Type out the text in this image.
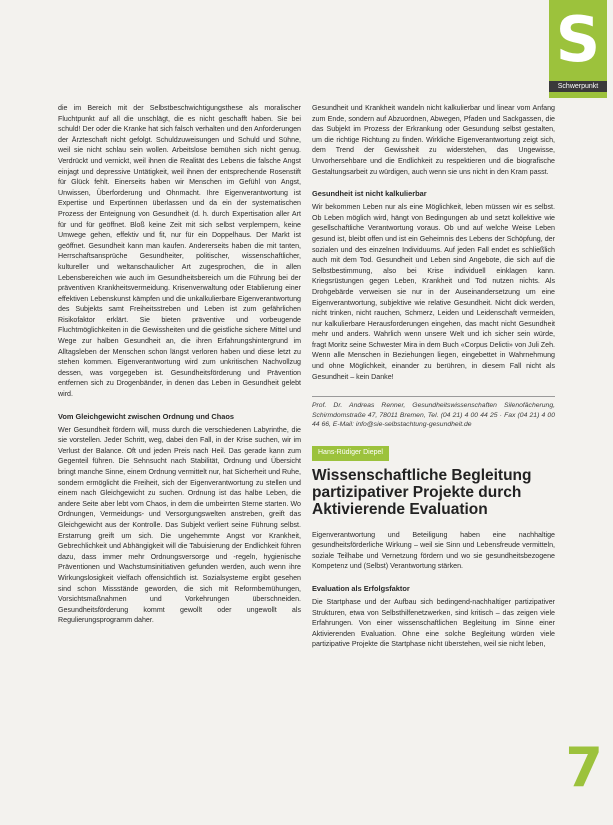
S
Schwerpunkt

die im Bereich mit der Selbstbeschwichtigungsthese als moralischer Fluchtpunkt auf all die unschlägt, die es nicht geschafft haben. Sie bei schuld! Der oder die Kranke hat sich falsch verhalten und den Anforderungen der Ärzteschaft nicht gefolgt. Schuldzuweisungen und Schuld und Sühne, weil sie nicht schlau sein wollen. Arbeitslose bemühen sich nicht genug. Verdrückt und vernickt, weil ihnen die Realität des Lebens die falsche Angst einjagt und depressive Untätigkeit, weil ihnen der entsprechende Rosenstift für Glück fehlt. Einerseits haben wir Menschen im Gefühl von Angst, Unwissen, Überforderung und Ohnmacht. Ihre Eigenverantwortung ist Expertise und Expertinnen überlassen und da ein der systematischen Prozess der Enteignung von Gesundheit (d. h. durch Expertisation aller Art für und für geöffnet. Bloß keine Zeit mit sich selbst verplempern, keine Umwege gehen, effektiv und fit, nur für ein Doppelhaus. Der Markt ist geöffnet. Gesundheit kann man kaufen. Andererseits haben die mit tanten, Herrschaftsansprüche Gesundheiter, politischer, wissenschaftlicher, kultureller und weltanschaulicher Art zugesprochen, die in allen Lebensbereichen wie auch im Gesundheitsbereich um die Führung bei der präventiven Krankheitsvermeidung. Krisenverwaltung oder Etablierung einer effektiven Lebenskunst kämpfen und die unkalkulierbare Eigenverantwortung des Subjekts samt Freiheitsstreben und Leben ist zum gefährlichen Risikofaktor erklärt. Sie bieten präventive und vorbeugende Fluchtmöglichkeiten in die Gewissheiten und die geistliche sichere Mittel und Wege zur halben Gesundheit an, die ihren Erfahrungshintergrund im Alltagsleben der Menschen schon längst verloren haben und diese letzt zu stehen kommen. Eigenverantwortung wird zum unkritischen Nachvollzug dessen, was vorgegeben ist. Gesundheitsförderung und Prävention entfernen sich zu Drogenbänder, in denen das Leben in Gesundheit gelebt wird.

Vom Gleichgewicht zwischen Ordnung und Chaos

Wer Gesundheit fördern will, muss durch die verschiedenen Labyrinthe, die sie vorstellen. Jeder Schritt, weg, dabei den Fall, in der Krise suchen, wir im Verlust der Balance. Oft und jeden Preis nach Heil. Das gerade kann zum Gegenteil führen. Die Sehnsucht nach Stabilität, Ordnung und Übersicht bringt manche Sinne, einem Ordnung vermittelt nur, hat Sicherheit und Ruhe, sondern ermöglicht die Freiheit, sich der Eigenverantwortung zu stellen und einem nach Gleichgewicht zu suchen. Ordnung ist das halbe Leben, die andere Seite aber lebt vom Chaos, in dem die umbeirrten Sterne starten. Wo Ordnungen, Vermeidungs- und Versorgungswelten anstreben, greift das Gleichgewicht aus der Kontrolle. Das Subjekt verliert seine Führung selbst. Erstarrung greift um sich. Die ungehemmte Angst vor Krankheit, Gebrechlichkeit und Abhängigkeit will die Tabuisierung der Endlichkeit führen dazu, dass immer mehr Ordnungsversorge und -regeln, hygienische Präventionen und Wachstumsinitiativen gefunden werden, auch wenn ihre Wirkungslosigkeit vielfach offensichtlich ist. Sozialsysteme ergibt gesehen sind schon Missstände geworden, die sich mit Reformbemühungen, Vorsichtsmaßnahmen und Vorkehrungen überschneiden. Gesundheitsförderung kommt gewollt oder ungewollt als Regulierungsprogramm daher.

Gesundheit und Krankheit wandeln nicht kalkulierbar und linear vom Anfang zum Ende, sondern auf Abzuordnen, Abwegen, Pfaden und Sackgassen, die das Subjekt im Prozess der Erkrankung oder Gesundung selbst gestalten, um die richtige Richtung zu finden. Wirkliche Eigenverantwortung zeigt sich, dem Trend der Gewissheit zu widerstehen, das Ungewisse, Unvorhersehbare und die Endlichkeit zu respektieren und die biografische Gestaltungsarbeit zu würdigen, auch wenn sie uns nicht in den Kram passt.

Gesundheit ist nicht kalkulierbar

Wir bekommen Leben nur als eine Möglichkeit, leben müssen wir es selbst. Ob Leben möglich wird, hängt von Bedingungen ab und setzt kollektive wie gesellschaftliche Verantwortung voraus. Ob und auf welche Weise Leben gesund ist, bleibt offen und ist ein Geheimnis des Lebens der Schöpfung, der sozialen und des einzelnen Individuums. Auf jeden Fall endet es schließlich auch mit dem Tod. Gesundheit und Leben sind Angebote, die sich auf die Selbstbestimmung, also bei Krise individuell einklagen kann. Kriegsrüstungen gegen Leben, Krankheit und Tod nutzen nichts. Als Drohgebärde verweisen sie nur in der Auseinandersetzung um eine Eigenverantwortung, subjektive wie relative Gesundheit. Nicht dick werden, nicht trinken, nicht rauchen, Schmerz, Leiden und Leidenschaft vermeiden, nur kalkulierbare Herausforderungen eingehen, das macht nicht Gesundheit mehr und anders. Wahrlich wenn unsere Welt und ich sicher sein würde, fragt Moritz seine Schwester Mira in dem Buch «Corpus Delicti» von Juli Zeh. Wenn alle Menschen in Beziehungen liegen, eingebettet in Wahrnehmung und ohne Möglichkeit, einander zu berühren, in diesem Fall nicht als Gesundheit – kein Danke!

Prof. Dr. Andreas Renner, Gesundheitswissenschaften Silenofächerung, Schirmdomstraße 47, 78011 Bremen, Tel. (04 21) 4 00 44 25 · Fax (04 21) 4 00 44 66, E-Mail: info@sie-selbstachtung-gesundheit.de
Hans-Rüdiger Diepel
Wissenschaftliche Begleitung partizipativer Projekte durch Aktivierende Evaluation

Eigenverantwortung und Beteiligung haben eine nachhaltige gesundheitsförderliche Wirkung – weil sie Sinn und Lebensfreude vermitteln, soziale Teilhabe und Vernetzung fördern und wo sie gesundheitsbezogene Kompetenz und (Selbst) Verantwortung stärken.

Evaluation als Erfolgsfaktor

Die Startphase und der Aufbau sich bedingend-nachhaltiger partizipativer Strukturen, etwa von Selbsthilfenetzwerken, sind kritisch – das zeigen viele Erfahrungen. Von einer wissenschaftlichen Begleitung im Sinne einer Aktivierenden Evaluation. Ohne eine solche Begleitung würden viele partizipative Projekte die Startphase nicht überstehen, weil sie nicht leben,

7
